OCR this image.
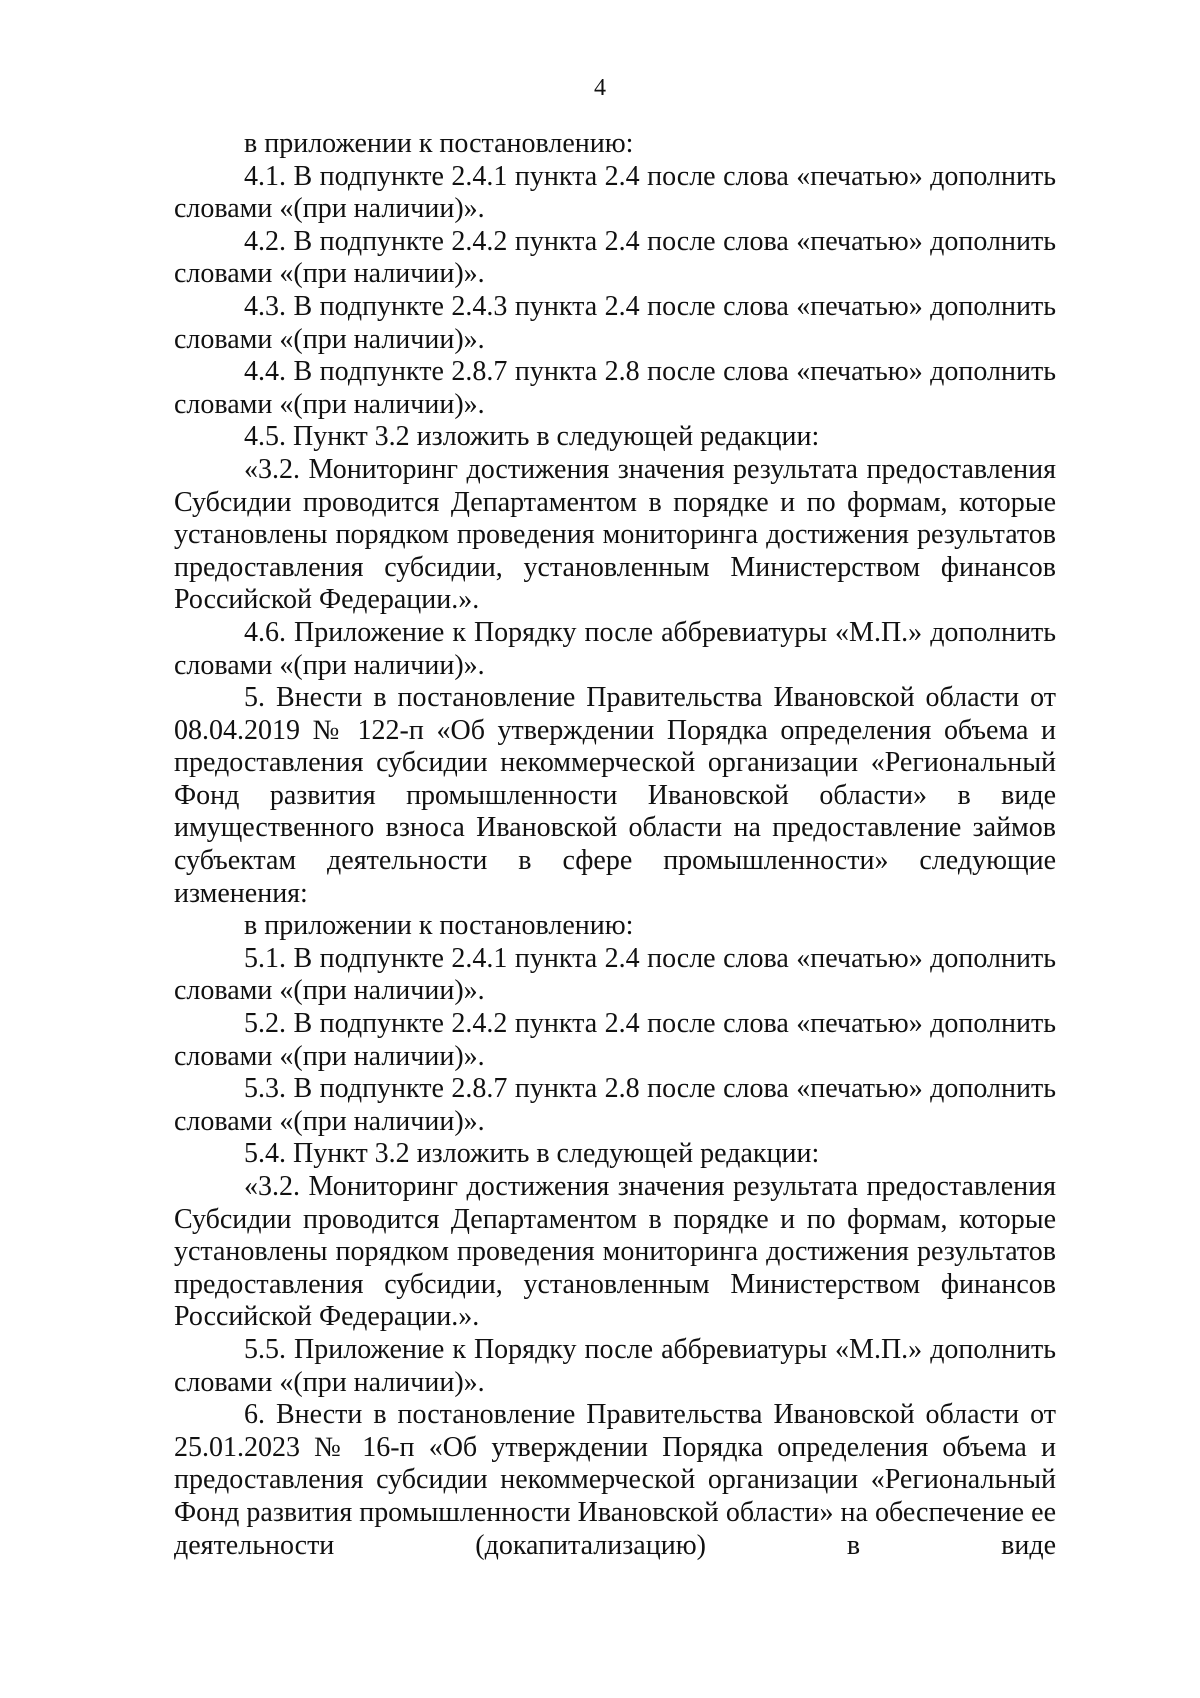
4

в приложении к постановлению:

4.1. В подпункте 2.4.1 пункта 2.4 после слова «печатью» дополнить словами «(при наличии)».

4.2. В подпункте 2.4.2 пункта 2.4 после слова «печатью» дополнить словами «(при наличии)».

4.3. В подпункте 2.4.3 пункта 2.4 после слова «печатью» дополнить словами «(при наличии)».

4.4. В подпункте 2.8.7 пункта 2.8 после слова «печатью» дополнить словами «(при наличии)».

4.5. Пункт 3.2 изложить в следующей редакции:

«3.2. Мониторинг достижения значения результата предоставления Субсидии проводится Департаментом в порядке и по формам, которые установлены порядком проведения мониторинга достижения результатов предоставления субсидии, установленным Министерством финансов Российской Федерации.».

4.6. Приложение к Порядку после аббревиатуры «М.П.» дополнить словами «(при наличии)».

5. Внести в постановление Правительства Ивановской области от 08.04.2019 № 122-п «Об утверждении Порядка определения объема и предоставления субсидии некоммерческой организации «Региональный Фонд развития промышленности Ивановской области» в виде имущественного взноса Ивановской области на предоставление займов субъектам деятельности в сфере промышленности» следующие изменения:

в приложении к постановлению:

5.1. В подпункте 2.4.1 пункта 2.4 после слова «печатью» дополнить словами «(при наличии)».

5.2. В подпункте 2.4.2 пункта 2.4 после слова «печатью» дополнить словами «(при наличии)».

5.3. В подпункте 2.8.7 пункта 2.8 после слова «печатью» дополнить словами «(при наличии)».

5.4. Пункт 3.2 изложить в следующей редакции:

«3.2. Мониторинг достижения значения результата предоставления Субсидии проводится Департаментом в порядке и по формам, которые установлены порядком проведения мониторинга достижения результатов предоставления субсидии, установленным Министерством финансов Российской Федерации.».

5.5. Приложение к Порядку после аббревиатуры «М.П.» дополнить словами «(при наличии)».

6. Внести в постановление Правительства Ивановской области от 25.01.2023 № 16-п «Об утверждении Порядка определения объема и предоставления субсидии некоммерческой организации «Региональный Фонд развития промышленности Ивановской области» на обеспечение ее деятельности (докапитализацию) в виде
